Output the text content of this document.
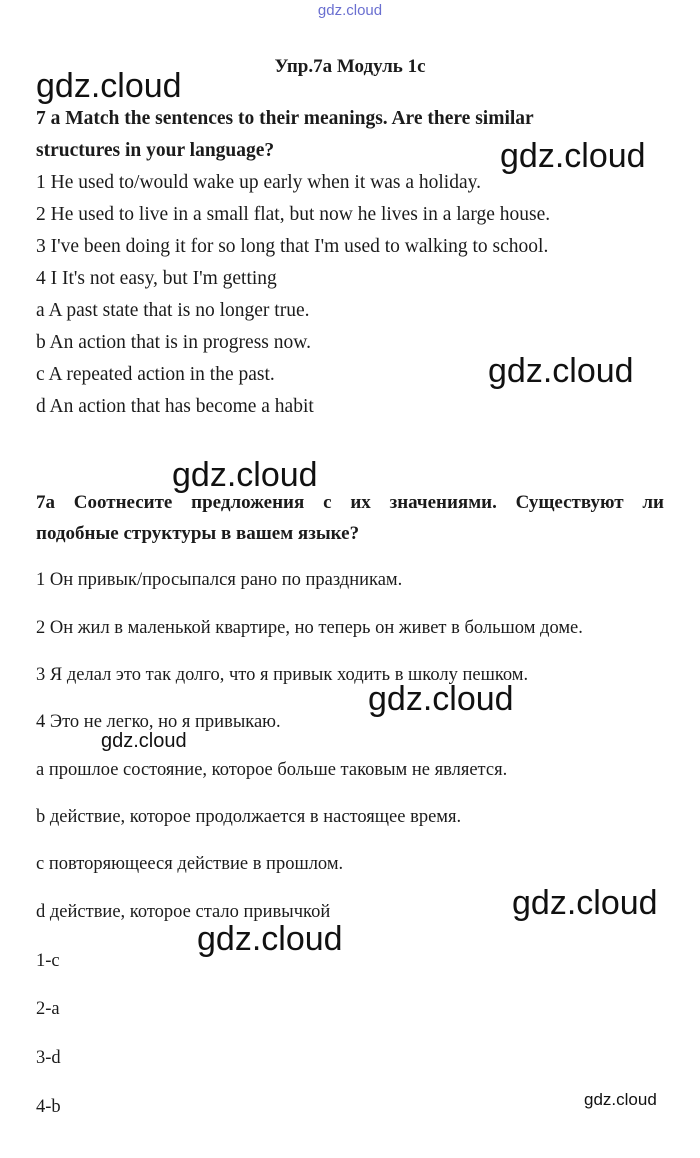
gdz.cloud
Упр.7а Модуль 1с
7 a Match the sentences to their meanings. Are there similar
structures in your language?
1 He used to/would wake up early when it was a holiday.
2 He used to live in a small flat, but now he lives in a large house.
3 I've been doing it for so long that I'm used to walking to school.
4 I It's not easy, but I'm getting
a A past state that is no longer true.
b An action that is in progress now.
c A repeated action in the past.
d An action that has become a habit
7a Соотнесите предложения с их значениями. Существуют ли
подобные структуры в вашем языке?
1 Он привык/просыпался рано по праздникам.
2 Он жил в маленькой квартире, но теперь он живет в большом доме.
3 Я делал это так долго, что я привык ходить в школу пешком.
4 Это не легко, но я привыкаю.
а прошлое состояние, которое больше таковым не является.
b действие, которое продолжается в настоящее время.
с повторяющееся действие в прошлом.
d действие, которое стало привычкой
1-c
2-a
3-d
4-b
gdz.cloud
gdz.cloud
gdz.cloud
gdz.cloud
gdz.cloud
gdz.cloud
gdz.cloud
gdz.cloud
gdz.cloud
